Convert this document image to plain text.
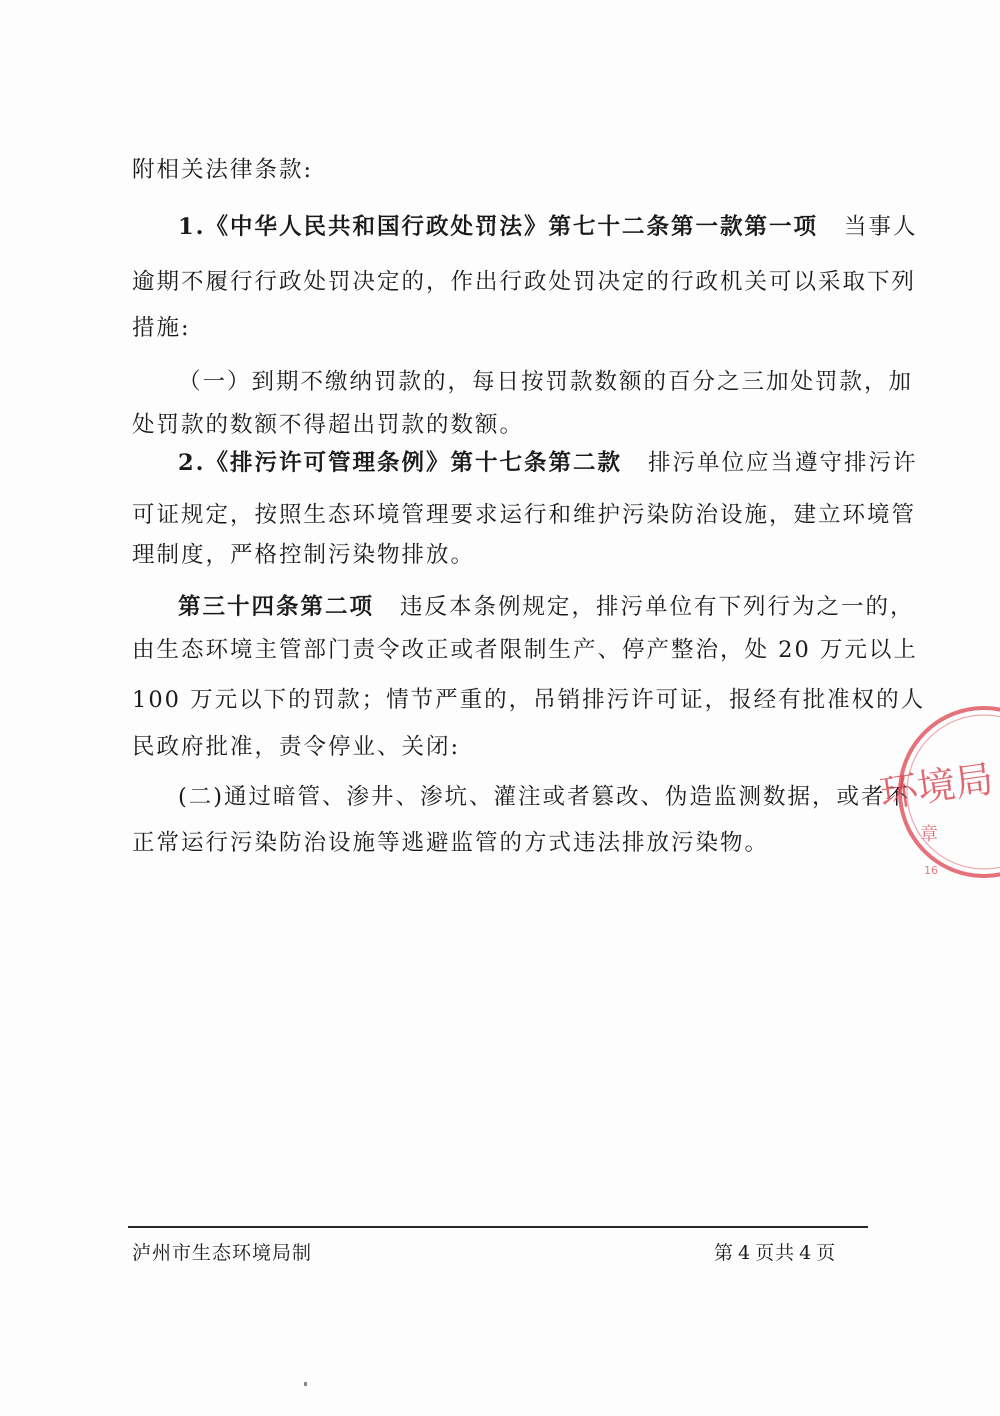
附相关法律条款:
1.《中华人民共和国行政处罚法》第七十二条第一款第一项 当事人
逾期不履行行政处罚决定的，作出行政处罚决定的行政机关可以采取下列
措施:
（一）到期不缴纳罚款的，每日按罚款数额的百分之三加处罚款，加
处罚款的数额不得超出罚款的数额。
2.《排污许可管理条例》第十七条第二款 排污单位应当遵守排污许
可证规定，按照生态环境管理要求运行和维护污染防治设施，建立环境管
理制度，严格控制污染物排放。
第三十四条第二项 违反本条例规定，排污单位有下列行为之一的，
由生态环境主管部门责令改正或者限制生产、停产整治，处 20 万元以上
100 万元以下的罚款；情节严重的，吊销排污许可证，报经有批准权的人
民政府批准，责令停业、关闭:
(二)通过暗管、渗井、渗坑、灌注或者篡改、伪造监测数据，或者不
正常运行污染防治设施等逃避监管的方式违法排放污染物。
环境局
章
16
泸州市生态环境局制	第 4 页共 4 页
